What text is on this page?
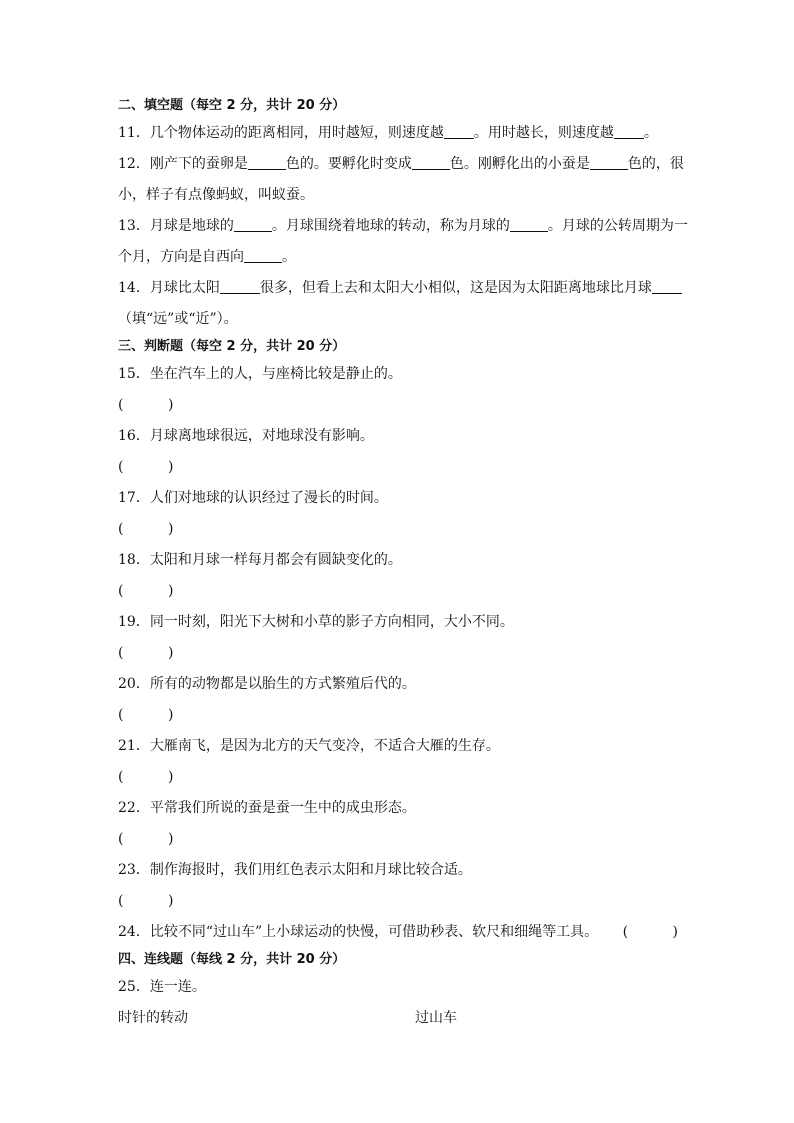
二、填空题（每空 2 分，共计 20 分）
11．几个物体运动的距离相同，用时越短，则速度越 。用时越长，则速度越 。
12．刚产下的蚕卵是	色的。要孵化时变成	色。刚孵化出的小蚕是	色的，很
小，样子有点像蚂蚁，叫蚁蚕。
13．月球是地球的	。月球围绕着地球的转动，称为月球的	。月球的公转周期为一
个月，方向是自西向	。
14．月球比太阳	很多，但看上去和太阳大小相似，这是因为太阳距离地球比月球
（填“远”或“近”）。
三、判断题（每空 2 分，共计 20 分）
15．坐在汽车上的人，与座椅比较是静止的。
(          )
16．月球离地球很远，对地球没有影响。
(          )
17．人们对地球的认识经过了漫长的时间。
(          )
18．太阳和月球一样每月都会有圆缺变化的。
(          )
19．同一时刻，阳光下大树和小草的影子方向相同，大小不同。
(          )
20．所有的动物都是以胎生的方式繁殖后代的。
(          )
21．大雁南飞，是因为北方的天气变冷，不适合大雁的生存。
(          )
22．平常我们所说的蚕是蚕一生中的成虫形态。
(          )
23．制作海报时，我们用红色表示太阳和月球比较合适。
(          )
24．比较不同“过山车”上小球运动的快慢，可借助秒表、软尺和细绳等工具。 (          )
四、连线题（每线 2 分，共计 20 分）
25．连一连。
时针的转动	过山车
